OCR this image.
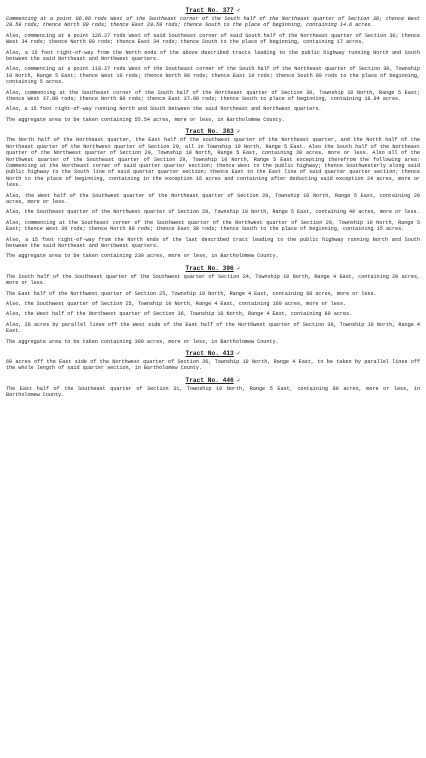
Tract No. 377 ✓

Commencing at a point 86.88 rods West of the Southeast corner of the South half of the Northeast quarter of Section 30; thence West 29.59 rods; thence North 80 rods; thence East 29.59 rods; thence South to the place of beginning, containing 14.6 acres.

Also, commencing at a point 126.27 rods West of said Southeast corner of said South half of the Northeast quarter of Section 30; thence West 34 rods; thence North 80 rods; thence East 34 rods; thence South to the place of beginning, containing 17 acres.

Also, a 15 foot right-of-way from the North ends of the above described tracts leading to the public highway running North and South between the said Northeast and Northwest quarters.

Also, commencing at a point 118.27 rods West of the Southeast corner of the South half of the Northeast quarter of Section 30, Township 10 North, Range 5 East; thence West 10 rods; thence North 80 rods; thence East 10 rods; thence South 80 rods to the place of beginning, containing 5 acres.

Also, commencing at the Southeast corner of the South half of the Northeast quarter of Section 30, Township 10 North, Range 5 East; thence West 37.88 rods; thence North 80 rods; thence East 37.88 rods; thence South to place of beginning, containing 18.94 acres.

Also, a 15 foot right-of-way running North and South between the said Northeast and Northwest quarters.

The aggregate area to be taken containing 55.54 acres, more or less, in Bartholomew County.

Tract No. 383 ✓

The North half of the Northeast quarter, the East half of the southwest quarter of the Northeast quarter, and the North half of the Northeast quarter of the Northwest quarter of Section 29, all in Township 10 North, Range 5 East. Also the South half of the Northeast quarter of the Northwest quarter of Section 29, Township 10 North, Range 5 East, containing 20 acres, more or less. Also all of the Northwest quarter of the Southeast quarter of Section 29, Township 10 North, Range 5 East excepting therefrom the following area: Commencing at the Northeast corner of said quarter quarter section; thence West to the public highway; thence Southwesterly along said public highway to the South line of said quarter quarter section; thence East to the East line of said quarter quarter section; thence North to the place of beginning, containing in the exception 16 acres and containing after deducting said exception 24 acres, more or less.

Also, the West half of the Southwest quarter of the Northeast quarter of Section 29, Township 10 North, Range 5 East, containing 20 acres, more or less.

Also, the Southeast quarter of the Northwest quarter of Section 29, Township 10 North, Range 5 East, containing 40 acres, more or less.

Also, commencing at the Southeast corner of the Southwest quarter of the Northwest quarter of Section 29, Township 10 North, Range 5 East; thence West 30 rods; thence North 80 rods; thence East 30 rods; thence South to the place of beginning, containing 15 acres.

Also, a 15 foot right-of-way from the North ends of the last described tract leading to the public highway running North and South between the said Northeast and Northwest quarters.

The aggregate area to be taken containing 239 acres, more or less, in Bartholomew County.

Tract No. 396 ✓

The South half of the Southeast quarter of the Southwest quarter of Section 24, Township 10 North, Range 4 East, containing 20 acres, more or less.

The East half of the Northwest quarter of Section 25, Township 10 North, Range 4 East, containing 80 acres, more or less.

Also, the Southwest quarter of Section 25, Township 10 North, Range 4 East, containing 160 acres, more or less.

Also, the West half of the Northwest quarter of Section 36, Township 10 North, Range 4 East, containing 80 acres.

Also, 20 acres by parallel lines off the West side of the East half of the Northwest quarter of Section 36, Township 10 North, Range 4 East.

The aggregate area to be taken containing 360 acres, more or less, in Bartholomew County.

Tract No. 413 ✓

60 acres off the East side of the Northwest quarter of Section 36, Township 10 North, Range 4 East, to be taken by parallel lines off the whole length of said quarter section, in Bartholomew County.

Tract No. 446 ✓

The East half of the Southeast quarter of Section 31, Township 10 North, Range 5 East, containing 80 acres, more or less, in Bartholomew County.
